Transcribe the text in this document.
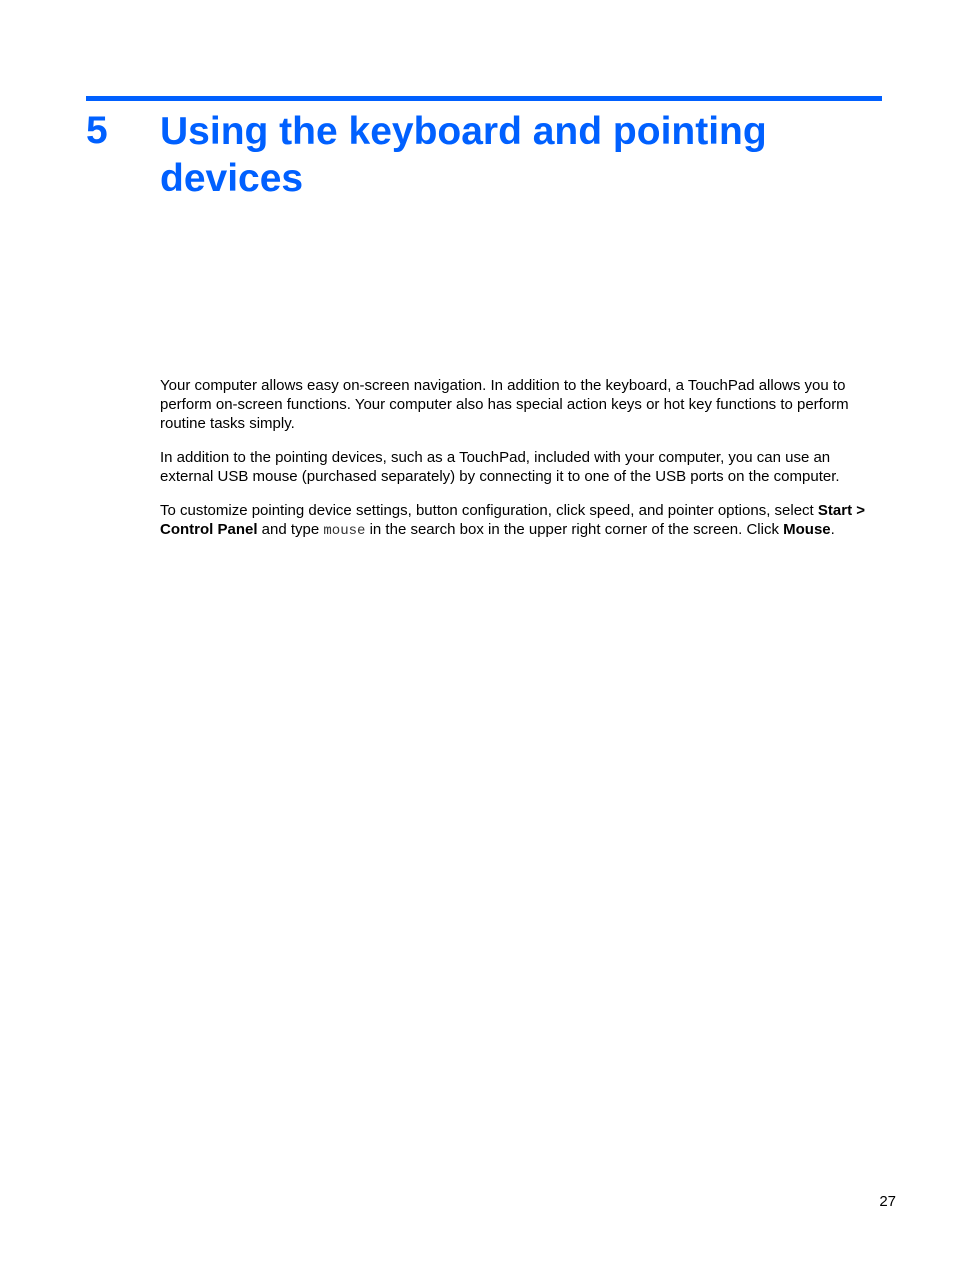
5 Using the keyboard and pointing devices

Your computer allows easy on-screen navigation. In addition to the keyboard, a TouchPad allows you to perform on-screen functions. Your computer also has special action keys or hot key functions to perform routine tasks simply.

In addition to the pointing devices, such as a TouchPad, included with your computer, you can use an external USB mouse (purchased separately) by connecting it to one of the USB ports on the computer.

To customize pointing device settings, button configuration, click speed, and pointer options, select Start > Control Panel and type mouse in the search box in the upper right corner of the screen. Click Mouse.

27
